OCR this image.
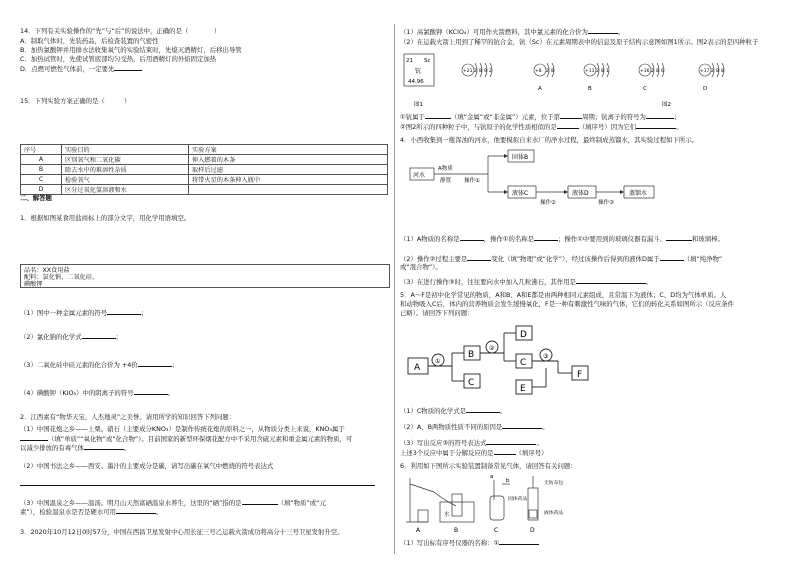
14．下列有关实验操作的“先”与“后”的说法中，正确的是（　　　　）
A．制取气体时，先装药品，后检查装置的气密性
B．加热氯酸钾并用排水法收集氧气的实验结束时，先熄灭酒精灯，后移出导管
C．加热试管时，先使试管底部均匀受热，后用酒精灯的外焰固定加热
D．点燃可燃性气体前，一定要先
15．下列实验方案正确的是（　　　）
序号	实验目的	实验方案
A	区别氧气和二氧化碳	伸入燃着的木条
B	除去水中的难溶性杂质	取样后过滤
C	检验氧气	将带火星的木条伸入瓶中
D	区分过氧化氢溶液和水	
二、解答题
1．根据如图某食用盐商标上的部分文字，用化学用语填空。
品名：XX食用盐
配料：氯化钠、二氧化硅、
碘酸钾
（1）图中一种金属元素的符号	；
（2）氯化钠的化学式	；
（3）二氧化硅中硅元素的化合价为 +4价	；
（4）碘酸钾（KIO₃）中的阴离子的符号	。
2．江西素有“物华天宝，人杰地灵”之美誉。请用所学的知识回答下列问题：
（1）中国花炮之乡——上栗。硝石（主要成分KNO₃）是制作传统花炮的原料之一，从物质分类上来说，KNO₃属于
（填“单质”“氧化物”或“化合物”）。目前国家的新型环保烟花配方中不采用含硫元素和重金属元素的物质，可
以减少排放的有毒气体	。
（2）中国书法之乡——西安。墨汁的主要成分是碳，请写出碳在氧气中燃烧的符号表达式
（3）中国温泉之乡——温汤。明月山天然富硒温泉水养生，这里的“硒”指的是	（填“物质”或“元
素”），检验温泉水是否是硬水可用	。
3．2020年10月12日0时57分，中国在西昌卫星发射中心用长征三号乙运载火箭成功将高分十三号卫星发射升空。
（1）高氯酸钾（KClO₄）可用作火箭燃料，其中氯元素的化合价为	。
（2）在运载火箭上用到了稀罕的钪合金，钪（Sc）在元素周期表中的信息及原子结构示意图如图1所示。图2表示的是四种粒子
21 Sc
钪
44.96
+21 2 8 9 2	+8 2 8
A
+11 2 8 1
B
+16 2 8 6
C
+17 2 8 8
D
图1	图2
①钪属于	（填“金属”或“非金属”）元素，位于第	周期；钪离子的符号为	；
②图2所示的四种粒子中，与钪原子的化学性质相似的是	（填序号）因为它们	。
4．小西收集到一瓶浑浊的河水，他要模拟自来水厂的净水过程，最终制成蒸馏水，其实验过程如下所示。
河水
A物质
静置 操作①
固体B
液体C
操作②
液体D
操作③
蒸馏水
（1）A物质的名称是	，操作①的名称是	；操作①中要用到的玻璃仪器有漏斗、	和玻璃棒。
（2）操作②过程主要是	变化（填“物理”或“化学”），经过该操作后得到的液体D属于	（填“纯净物”
或“混合物”）。
（3）在进行操作③时，往往要向水中加入几粒沸石，其作用是	。
5．A～F是初中化学常见的物质，A和B、A和E都是由两种相同元素组成，且常温下为液体；C、D均为气体单质。人
和动物吸入C后，体内的营养物质会发生缓慢氧化，F是一种有刺激性气味的气体，它们的转化关系如图所示（反应条件
已略）。请回答下列问题：
A
B
C
D
C
E
F
①
②
③
（1）C物质的化学式是	。
（2）A、B两物质性质不同的原因是	。
（3）写出反应③的符号表达式	。
上述3个反应中属于分解反应的是	（填序号）
6．利用如下图所示实验装置制备常见气体，请回答有关问题：
a
b
水
固体药品
无纺布包
液体药品
A	B	C	D
（1）写出标有序号仪器的名称：①
